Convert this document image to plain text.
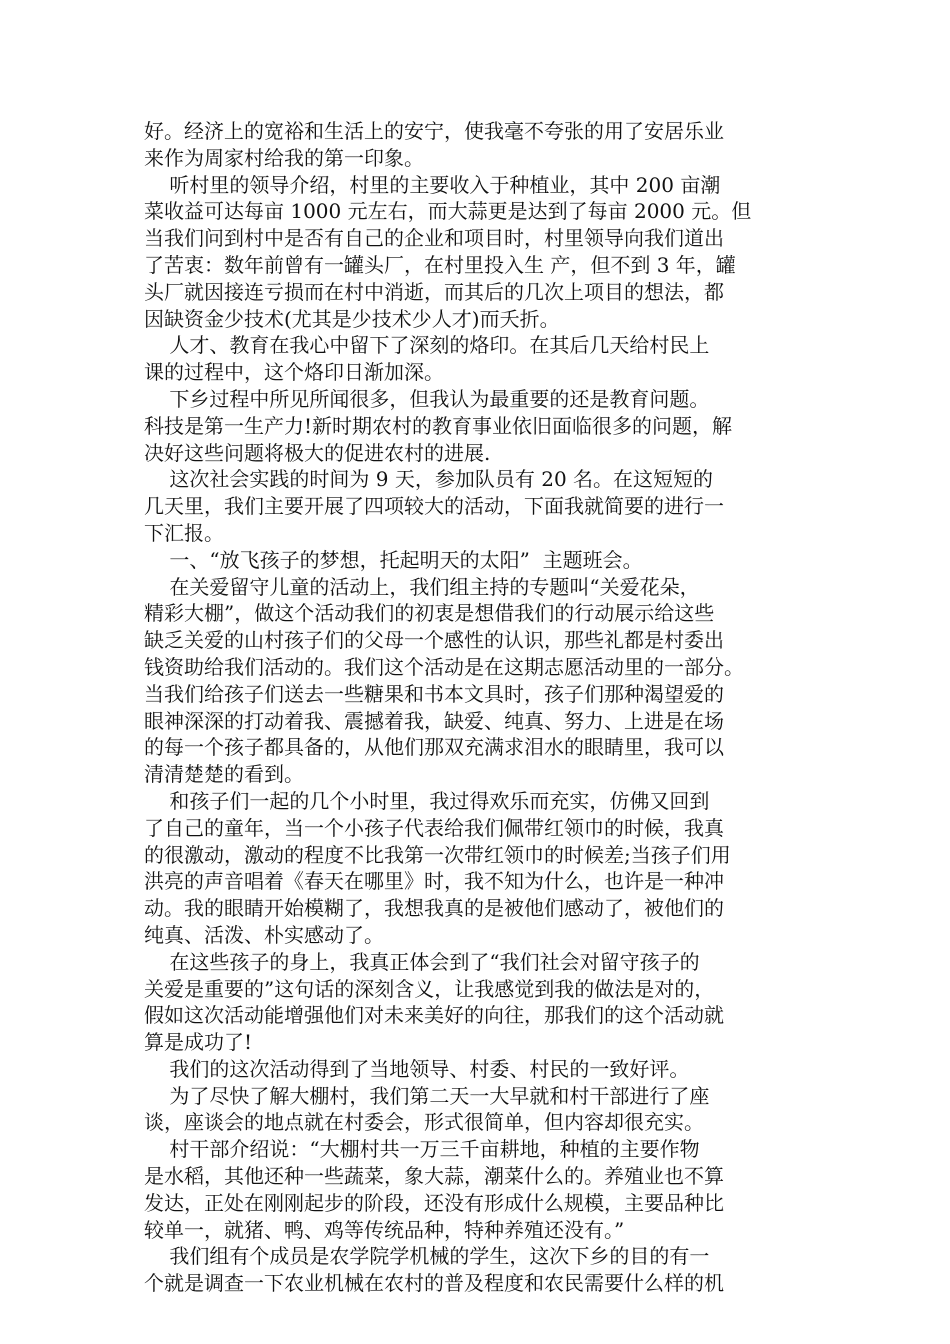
好。经济上的宽裕和生活上的安宁，使我毫不夸张的用了安居乐业
来作为周家村给我的第一印象。

听村里的领导介绍，村里的主要收入于种植业，其中 200 亩潮
菜收益可达每亩 1000 元左右，而大蒜更是达到了每亩 2000 元。但
当我们问到村中是否有自己的企业和项目时，村里领导向我们道出
了苦衷：数年前曾有一罐头厂，在村里投入生 产，但不到 3 年，罐
头厂就因接连亏损而在村中消逝，而其后的几次上项目的想法，都
因缺资金少技术(尤其是少技术少人才)而夭折。

人才、教育在我心中留下了深刻的烙印。在其后几天给村民上
课的过程中，这个烙印日渐加深。

下乡过程中所见所闻很多，但我认为最重要的还是教育问题。
科技是第一生产力!新时期农村的教育事业依旧面临很多的问题，解
决好这些问题将极大的促进农村的进展.

这次社会实践的时间为 9 天，参加队员有 20 名。在这短短的
几天里，我们主要开展了四项较大的活动，下面我就简要的进行一
下汇报。

一、“放飞孩子的梦想，托起明天的太阳”  主题班会。

在关爱留守儿童的活动上，我们组主持的专题叫“关爱花朵，
精彩大棚”，做这个活动我们的初衷是想借我们的行动展示给这些
缺乏关爱的山村孩子们的父母一个感性的认识，那些礼都是村委出
钱资助给我们活动的。我们这个活动是在这期志愿活动里的一部分。
当我们给孩子们送去一些糖果和书本文具时，孩子们那种渴望爱的
眼神深深的打动着我、震撼着我，缺爱、纯真、努力、上进是在场
的每一个孩子都具备的，从他们那双充满求泪水的眼睛里，我可以
清清楚楚的看到。

和孩子们一起的几个小时里，我过得欢乐而充实，仿佛又回到
了自己的童年，当一个小孩子代表给我们佩带红领巾的时候，我真
的很激动，激动的程度不比我第一次带红领巾的时候差;当孩子们用
洪亮的声音唱着《春天在哪里》时，我不知为什么，也许是一种冲
动。我的眼睛开始模糊了，我想我真的是被他们感动了，被他们的
纯真、活泼、朴实感动了。

在这些孩子的身上，我真正体会到了“我们社会对留守孩子的
关爱是重要的”这句话的深刻含义，让我感觉到我的做法是对的，
假如这次活动能增强他们对未来美好的向往，那我们的这个活动就
算是成功了!

我们的这次活动得到了当地领导、村委、村民的一致好评。

为了尽快了解大棚村，我们第二天一大早就和村干部进行了座
谈，座谈会的地点就在村委会，形式很简单，但内容却很充实。

村干部介绍说：“大棚村共一万三千亩耕地，种植的主要作物
是水稻，其他还种一些蔬菜，象大蒜，潮菜什么的。养殖业也不算
发达，正处在刚刚起步的阶段，还没有形成什么规模，主要品种比
较单一，就猪、鸭、鸡等传统品种，特种养殖还没有。”

我们组有个成员是农学院学机械的学生，这次下乡的目的有一
个就是调查一下农业机械在农村的普及程度和农民需要什么样的机
